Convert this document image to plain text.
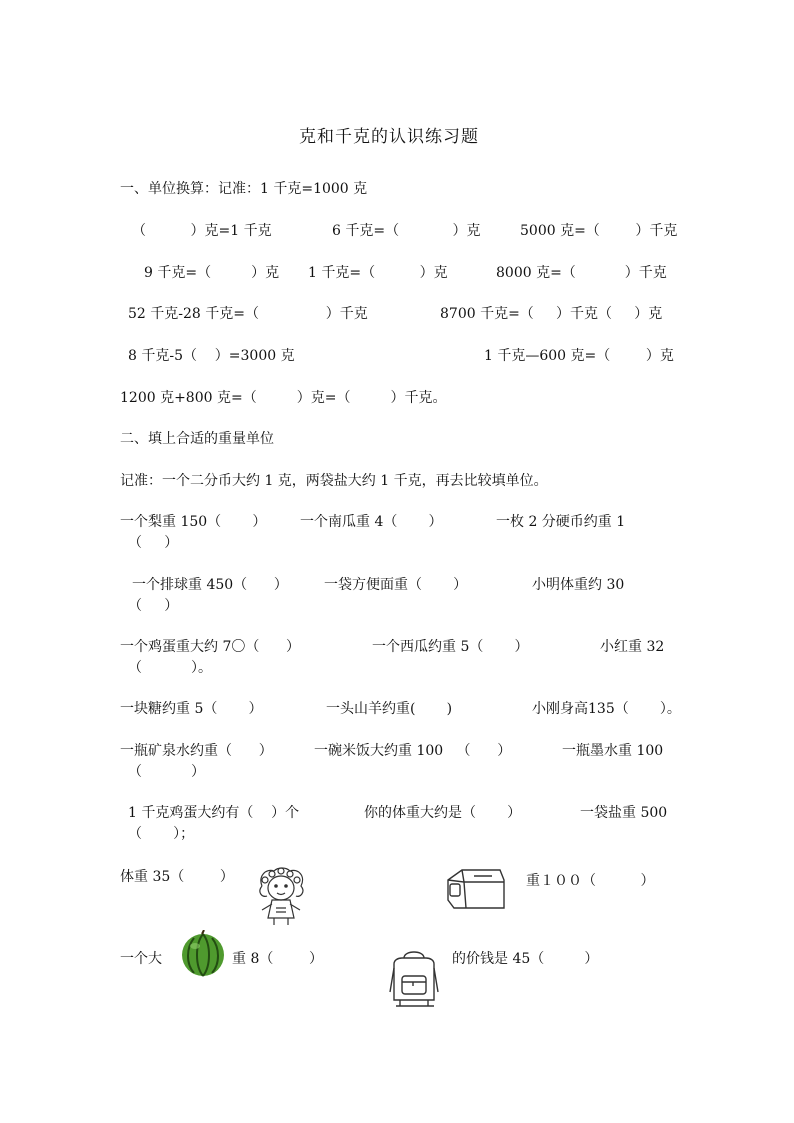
克和千克的认识练习题
一、单位换算：记准：1 千克=1000 克
（          ）克=1 千克	6 千克=（            ）克	5000 克=（        ）千克
9 千克=（         ）克 1 千克=（          ）克	8000 克=（           ）千克
52 千克-28 千克=（               ）千克	8700 千克=（     ）千克（     ）克
8 千克-5（    ）=3000 克	1 千克—600 克=（        ）克
1200 克+800 克=（         ）克=（         ）千克。
二、填上合适的重量单位
记准：一个二分币大约 1 克，两袋盐大约 1 千克，再去比较填单位。
一个梨重 150（       ） 一个南瓜重 4（       ）	一枚 2 分硬币约重 1
（     ）
一个排球重 450（      ）	一袋方便面重（       ）	小明体重约 30
（     ）
一个鸡蛋重大约 7〇（      ）	一个西瓜约重 5（       ）	小红重 32
（           ）。
一块糖约重 5（       ）	一头山羊约重(       )	小刚身高135（       ）。
一瓶矿泉水约重（      ）	一碗米饭大约重 100   （      ）	一瓶墨水重 100
（           ）
1 千克鸡蛋大约有（    ）个	你的体重大约是（       ）	一袋盐重 500
（       ）；
体重 35（        ）	重１００（          ）
一个大	重 8（        ）	的价钱是 45（         ）
